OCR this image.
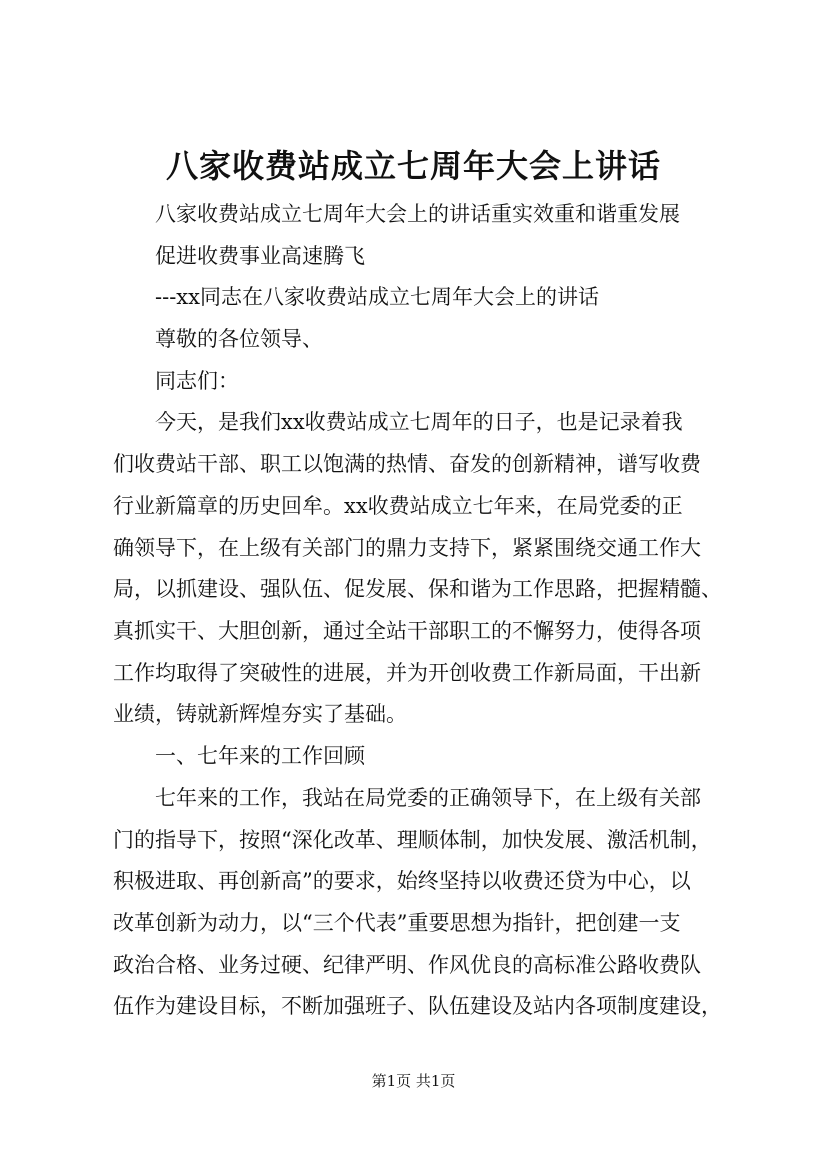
八家收费站成立七周年大会上讲话

八家收费站成立七周年大会上的讲话重实效重和谐重发展

促进收费事业高速腾飞

---xx同志在八家收费站成立七周年大会上的讲话

尊敬的各位领导、

同志们：

今天，是我们xx收费站成立七周年的日子，也是记录着我

们收费站干部、职工以饱满的热情、奋发的创新精神，谱写收费

行业新篇章的历史回牟。xx收费站成立七年来，在局党委的正

确领导下，在上级有关部门的鼎力支持下，紧紧围绕交通工作大

局，以抓建设、强队伍、促发展、保和谐为工作思路，把握精髓、

真抓实干、大胆创新，通过全站干部职工的不懈努力，使得各项

工作均取得了突破性的进展，并为开创收费工作新局面，干出新

业绩，铸就新辉煌夯实了基础。

一、七年来的工作回顾

七年来的工作，我站在局党委的正确领导下，在上级有关部

门的指导下，按照“深化改革、理顺体制，加快发展、激活机制，

积极进取、再创新高”的要求，始终坚持以收费还贷为中心，以

改革创新为动力，以“三个代表”重要思想为指针，把创建一支

政治合格、业务过硬、纪律严明、作风优良的高标准公路收费队

伍作为建设目标，不断加强班子、队伍建设及站内各项制度建设，

第1页 共1页
